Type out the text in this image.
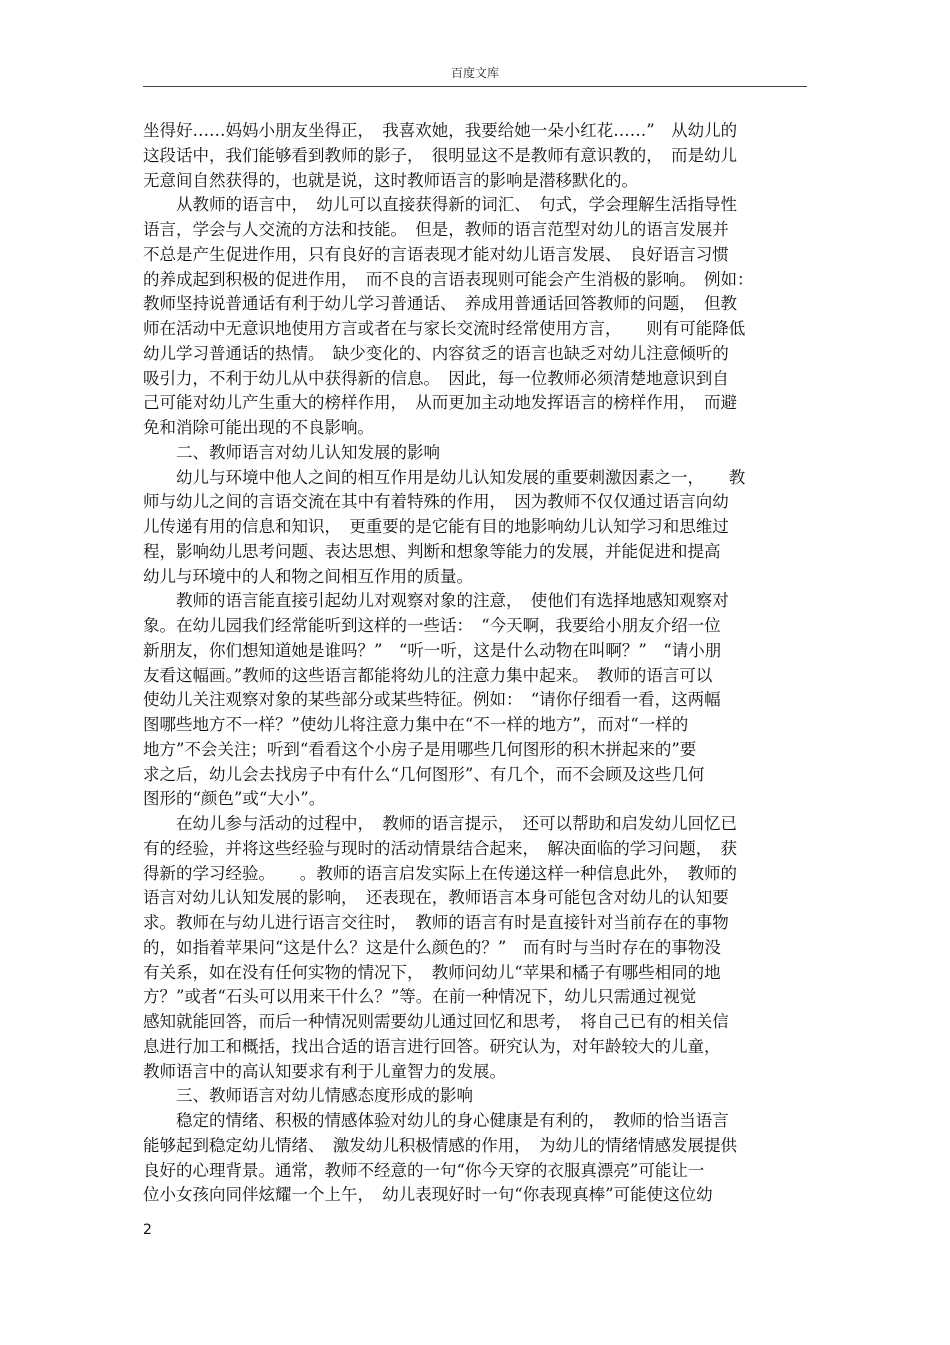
百度文库
坐得好……妈妈小朋友坐得正，　我喜欢她，我要给她一朵小红花……”　从幼儿的
这段话中，我们能够看到教师的影子，　很明显这不是教师有意识教的，　而是幼儿
无意间自然获得的，也就是说，这时教师语言的影响是潜移默化的。
　　从教师的语言中，　幼儿可以直接获得新的词汇、　句式，学会理解生活指导性
语言，学会与人交流的方法和技能。　但是，教师的语言范型对幼儿的语言发展并
不总是产生促进作用，只有良好的言语表现才能对幼儿语言发展、　良好语言习惯
的养成起到积极的促进作用，　而不良的言语表现则可能会产生消极的影响。　例如：
教师坚持说普通话有利于幼儿学习普通话、　养成用普通话回答教师的问题，　但教
师在活动中无意识地使用方言或者在与家长交流时经常使用方言，　　则有可能降低
幼儿学习普通话的热情。　缺少变化的、内容贫乏的语言也缺乏对幼儿注意倾听的
吸引力，不利于幼儿从中获得新的信息。　因此，每一位教师必须清楚地意识到自
己可能对幼儿产生重大的榜样作用，　从而更加主动地发挥语言的榜样作用，　而避
免和消除可能出现的不良影响。
　　二、教师语言对幼儿认知发展的影响
　　幼儿与环境中他人之间的相互作用是幼儿认知发展的重要刺激因素之一，　　教
师与幼儿之间的言语交流在其中有着特殊的作用，　因为教师不仅仅通过语言向幼
儿传递有用的信息和知识，　更重要的是它能有目的地影响幼儿认知学习和思维过
程，影响幼儿思考问题、表达思想、判断和想象等能力的发展，并能促进和提高
幼儿与环境中的人和物之间相互作用的质量。
　　教师的语言能直接引起幼儿对观察对象的注意，　使他们有选择地感知观察对
象。在幼儿园我们经常能听到这样的一些话：　“今天啊，我要给小朋友介绍一位
新朋友，你们想知道她是谁吗？”　“听一听，这是什么动物在叫啊？”　“请小朋
友看这幅画。”教师的这些语言都能将幼儿的注意力集中起来。　教师的语言可以
使幼儿关注观察对象的某些部分或某些特征。例如：　“请你仔细看一看，这两幅
图哪些地方不一样？”使幼儿将注意力集中在“不一样的地方”，而对“一样的
地方”不会关注；听到“看看这个小房子是用哪些几何图形的积木拼起来的”要
求之后，幼儿会去找房子中有什么“几何图形”、有几个，而不会顾及这些几何
图形的“颜色”或“大小”。
　　在幼儿参与活动的过程中，　教师的语言提示，　还可以帮助和启发幼儿回忆已
有的经验，并将这些经验与现时的活动情景结合起来，　解决面临的学习问题，　获
得新的学习经验。　　。教师的语言启发实际上在传递这样一种信息此外，　教师的
语言对幼儿认知发展的影响，　还表现在，教师语言本身可能包含对幼儿的认知要
求。教师在与幼儿进行语言交往时，　教师的语言有时是直接针对当前存在的事物
的，如指着苹果问“这是什么？这是什么颜色的？”　而有时与当时存在的事物没
有关系，如在没有任何实物的情况下，　教师问幼儿“苹果和橘子有哪些相同的地
方？”或者“石头可以用来干什么？”等。在前一种情况下，幼儿只需通过视觉
感知就能回答，而后一种情况则需要幼儿通过回忆和思考，　将自己已有的相关信
息进行加工和概括，找出合适的语言进行回答。研究认为，对年龄较大的儿童，
教师语言中的高认知要求有利于儿童智力的发展。
　　三、教师语言对幼儿情感态度形成的影响
　　稳定的情绪、积极的情感体验对幼儿的身心健康是有利的，　教师的恰当语言
能够起到稳定幼儿情绪、　激发幼儿积极情感的作用，　为幼儿的情绪情感发展提供
良好的心理背景。通常，教师不经意的一句“你今天穿的衣服真漂亮”可能让一
位小女孩向同伴炫耀一个上午，　幼儿表现好时一句“你表现真棒”可能使这位幼
2
